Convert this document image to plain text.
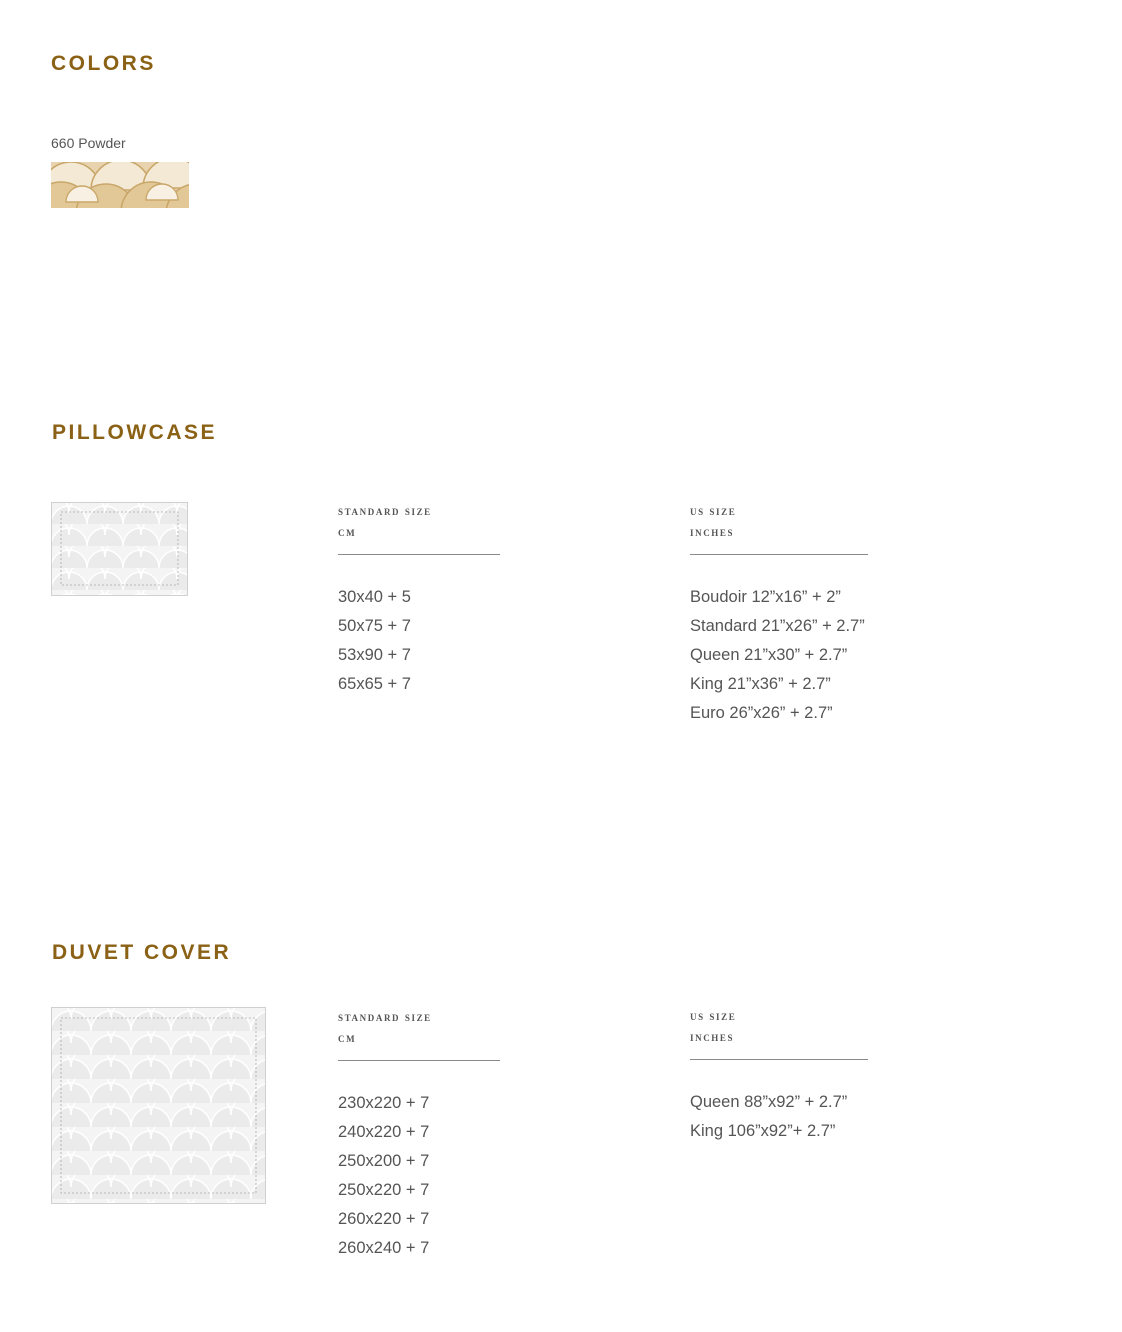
COLORS
660 Powder
PILLOWCASE
standard size
cm
30x40 + 5
50x75 + 7
53x90 + 7
65x65 + 7
us size
inches
Boudoir 12”x16” + 2”
Standard 21”x26” + 2.7”
Queen 21”x30” + 2.7”
King 21”x36” + 2.7”
Euro 26”x26” + 2.7”
DUVET COVER
standard size
cm
230x220 + 7
240x220 + 7
250x200 + 7
250x220 + 7
260x220 + 7
260x240 + 7
us size
inches
Queen 88”x92” + 2.7”
King 106”x92”+ 2.7”
